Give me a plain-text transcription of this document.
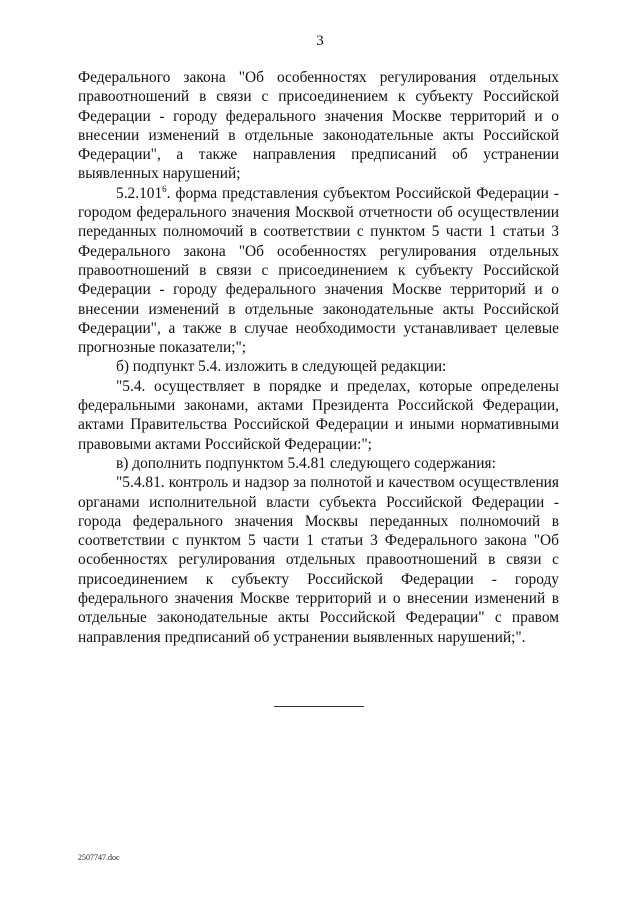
3

Федерального закона "Об особенностях регулирования отдельных правоотношений в связи с присоединением к субъекту Российской Федерации - городу федерального значения Москве территорий и о внесении изменений в отдельные законодательные акты Российской Федерации", а также направления предписаний об устранении выявленных нарушений;

5.2.101$^6$. форма представления субъектом Российской Федерации - городом федерального значения Москвой отчетности об осуществлении переданных полномочий в соответствии с пунктом 5 части 1 статьи 3 Федерального закона "Об особенностях регулирования отдельных правоотношений в связи с присоединением к субъекту Российской Федерации - городу федерального значения Москве территорий и о внесении изменений в отдельные законодательные акты Российской Федерации", а также в случае необходимости устанавливает целевые прогнозные показатели;";

б) подпункт 5.4. изложить в следующей редакции:

"5.4. осуществляет в порядке и пределах, которые определены федеральными законами, актами Президента Российской Федерации, актами Правительства Российской Федерации и иными нормативными правовыми актами Российской Федерации:";

в) дополнить подпунктом 5.4.81 следующего содержания:

"5.4.81. контроль и надзор за полнотой и качеством осуществления органами исполнительной власти субъекта Российской Федерации - города федерального значения Москвы переданных полномочий в соответствии с пунктом 5 части 1 статьи 3 Федерального закона "Об особенностях регулирования отдельных правоотношений в связи с присоединением к субъекту Российской Федерации - городу федерального значения Москве территорий и о внесении изменений в отдельные законодательные акты Российской Федерации" с правом направления предписаний об устранении выявленных нарушений;".

2507747.doc
